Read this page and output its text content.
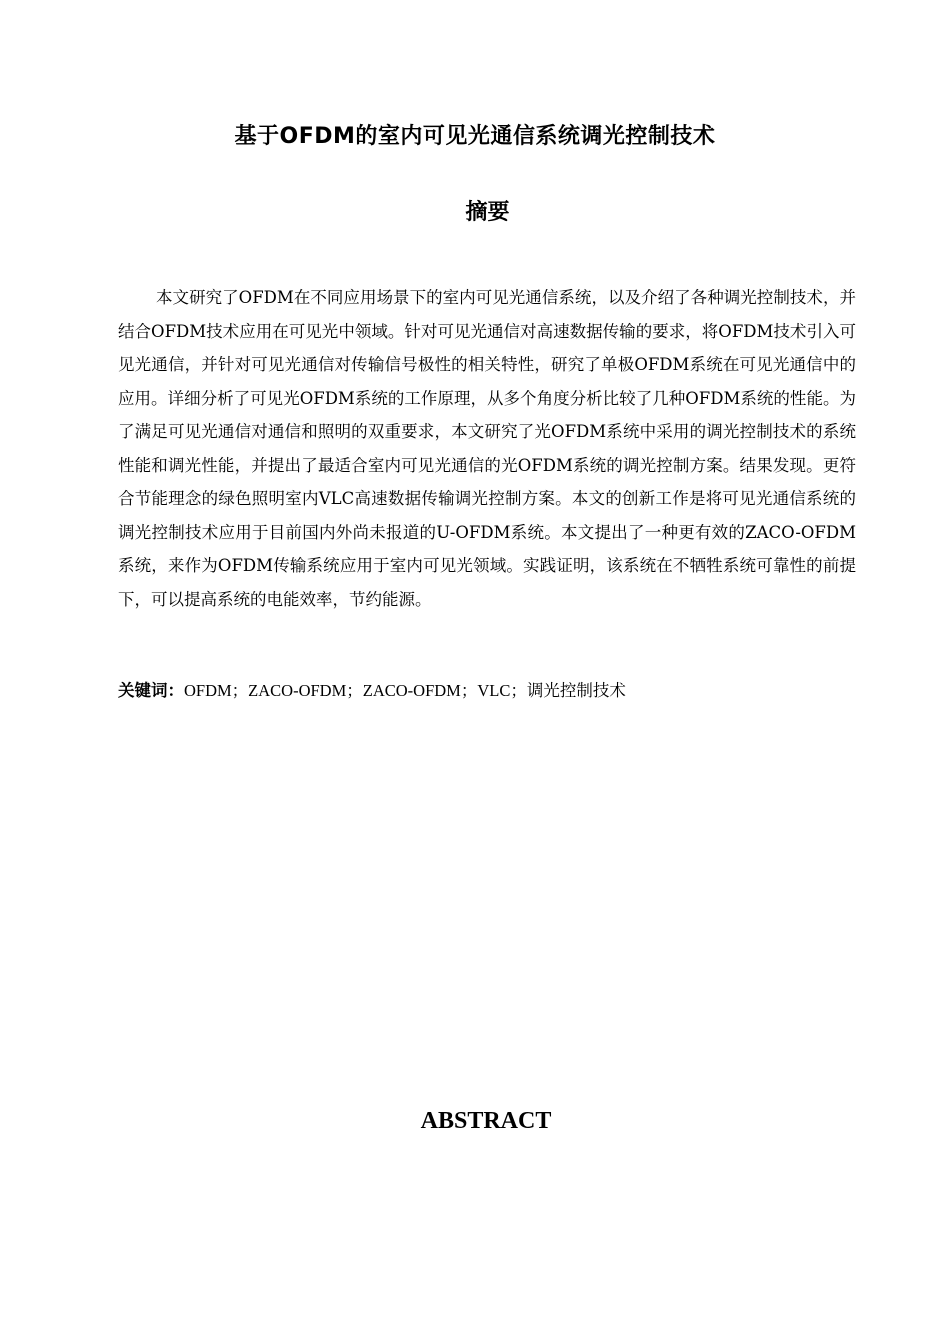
基于OFDM的室内可见光通信系统调光控制技术
摘要

本文研究了OFDM在不同应用场景下的室内可见光通信系统，以及介绍了各种调光控制技术，并结合OFDM技术应用在可见光中领域。针对可见光通信对高速数据传输的要求，将OFDM技术引入可见光通信，并针对可见光通信对传输信号极性的相关特性，研究了单极OFDM系统在可见光通信中的应用。详细分析了可见光OFDM系统的工作原理，从多个角度分析比较了几种OFDM系统的性能。为了满足可见光通信对通信和照明的双重要求，本文研究了光OFDM系统中采用的调光控制技术的系统性能和调光性能，并提出了最适合室内可见光通信的光OFDM系统的调光控制方案。结果发现。更符合节能理念的绿色照明室内VLC高速数据传输调光控制方案。本文的创新工作是将可见光通信系统的调光控制技术应用于目前国内外尚未报道的U-OFDM系统。本文提出了一种更有效的ZACO-OFDM系统，来作为OFDM传输系统应用于室内可见光领域。实践证明，该系统在不牺牲系统可靠性的前提下，可以提高系统的电能效率，节约能源。

关键词：OFDM；ZACO-OFDM；ZACO-OFDM；VLC；调光控制技术

ABSTRACT
